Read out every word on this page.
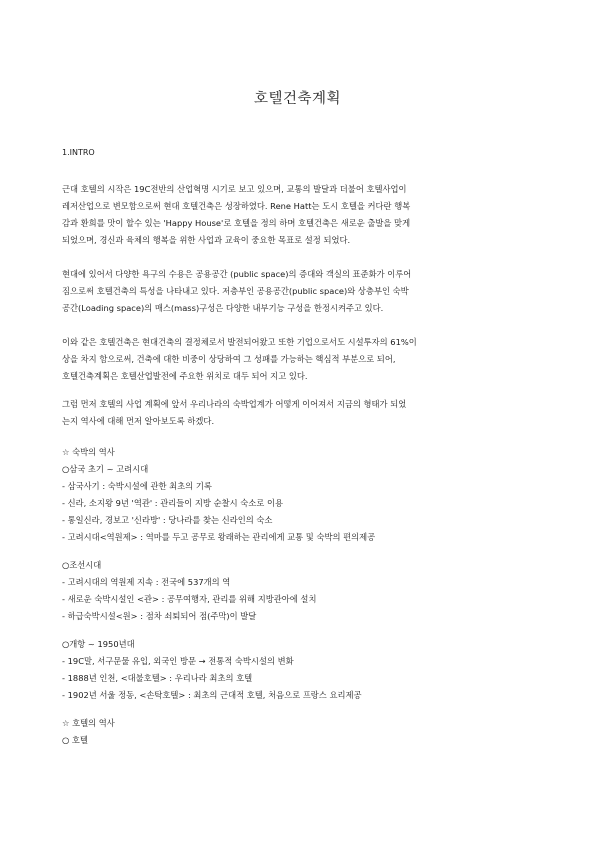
호텔건축계획
1.INTRO
근대 호텔의 시작은 19C전반의 산업혁명 시기로 보고 있으며, 교통의 발달과 더불어 호텔사업이
레저산업으로 변모함으로써 현대 호텔건축은 성장하였다. Rene Hatt는 도시 호텔을 커다란 행복
감과 환희를 맛이 할수 있는 'Happy House'로 호텔을 정의 하며 호텔건축은 새로운 출발을 맞게
되었으며, 경신과 육체의 행복을 위한 사업과 교육이 중요한 목표로 설정 되었다.
현대에 있어서 다양한 욕구의 수용은 공용공간 (public space)의 증대와 객실의 표준화가 이루어
짐으로써 호텔건축의 특성을 나타내고 있다. 저층부인 공용공간(public space)와 상층부인 숙박
공간(Loading space)의 매스(mass)구성은 다양한 내부기능 구성을 한정시켜주고 있다.
이와 같은 호텔건축은 현대건축의 결정체로서 발전되어왔고 또한 기업으로서도 시설투자의 61%이
상을 차지 함으로써, 건축에 대한 비중이 상당하여 그 성패를 가능하는 핵심적 부분으로 되어,
호텔건축계획은 호텔산업발전에 주요한 위치로 대두 되어 지고 있다.
그럼 먼저 호텔의 사업 계획에 앞서 우리나라의 숙박업계가 어떻게 이어져서 지금의 형태가 되었
는지 역사에 대해 먼저 알아보도록 하겠다.
☆ 숙박의 역사
○삼국 초기 ~ 고려시대
- 삼국사기 : 숙박시설에 관한 최초의 기록
- 신라, 소지왕 9년 '역관' : 관리들이 지방 순찰시 숙소로 이용
- 통일신라, 경보고 '신라방' : 당나라를 찾는 신라인의 숙소
- 고려시대<역원제> : 역마를 두고 공무로 왕래하는 관리에게 교통 및 숙박의 편의제공
○조선시대
- 고려시대의 역원제 지속 : 전국에 537개의 역
- 새로운 숙박시설인 <관> : 공무여행자, 관리를 위해 지방관아에 설치
- 하급숙박시설<원> : 점차 쇠퇴되어 점(주막)이 발달
○개항 ~ 1950년대
- 19C말, 서구문물 유입, 외국인 방문 → 전통적 숙박시설의 변화
- 1888년 인천, <대불호텔> : 우리나라 최초의 호텔
- 1902년 서울 정동, <손탁호텔> : 최초의 근대적 호텔, 처음으로 프랑스 요리제공
☆ 호텔의 역사
○ 호텔
